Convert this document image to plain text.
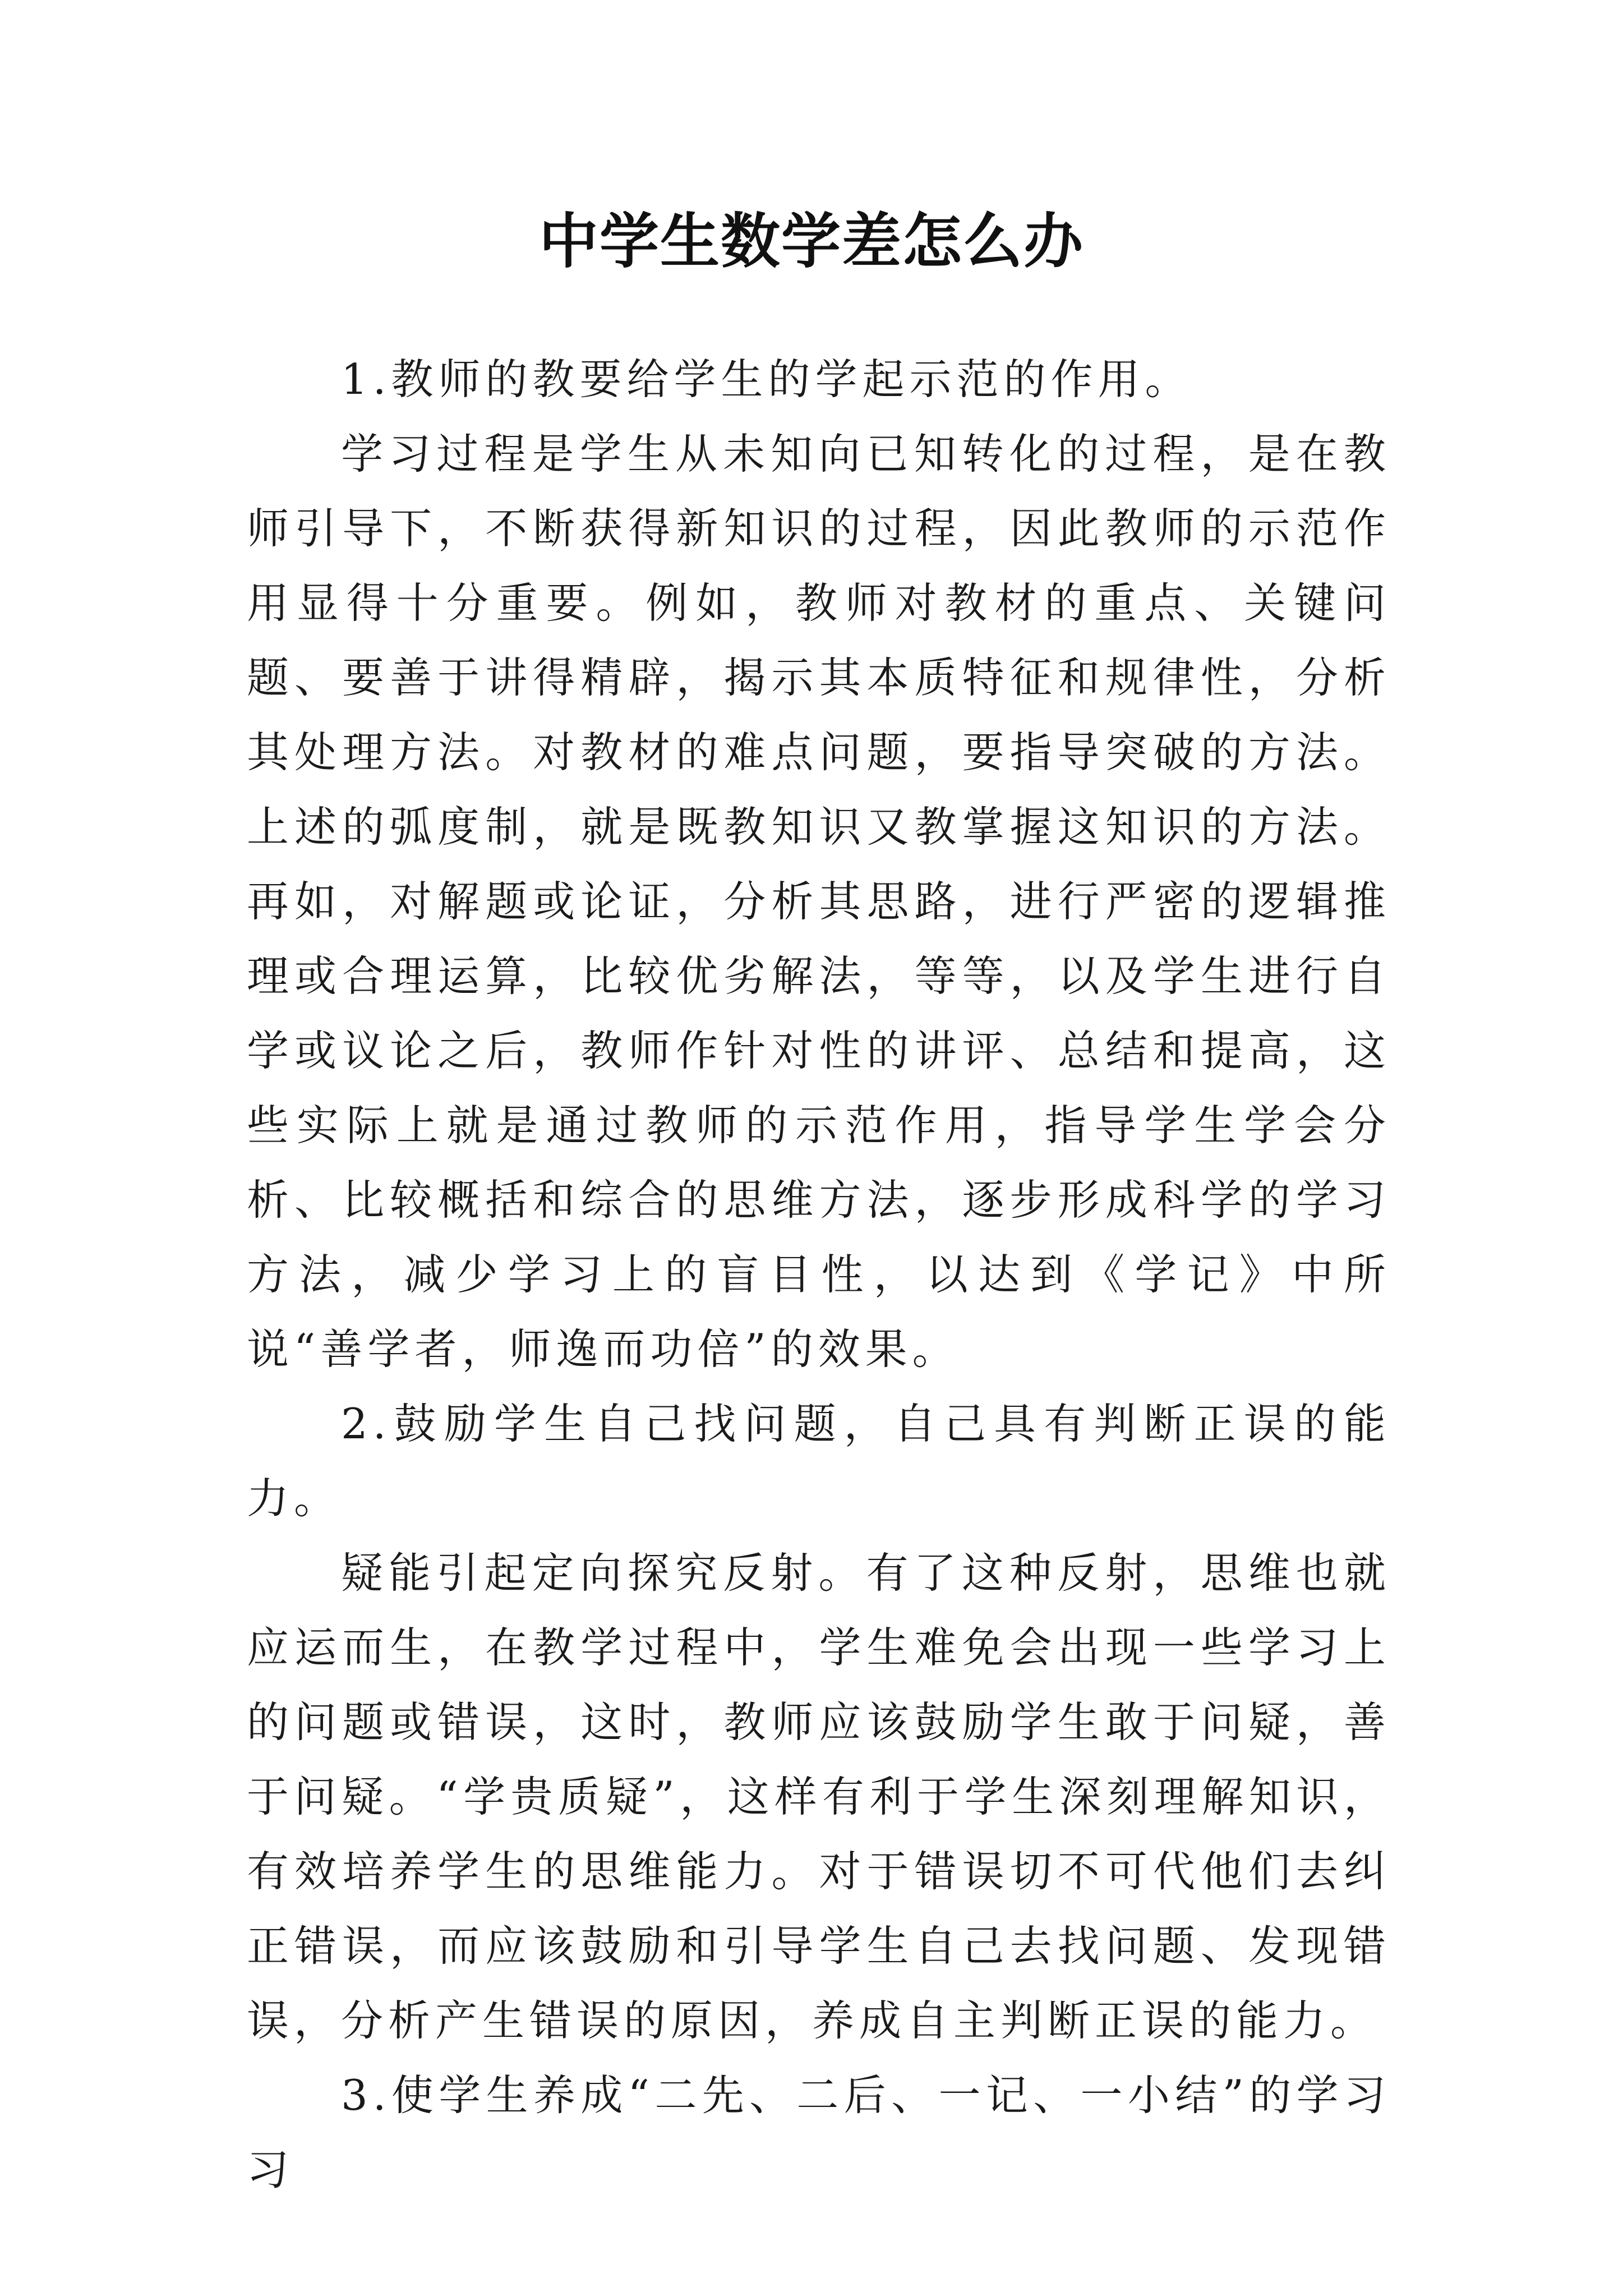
中学生数学差怎么办

1.教师的教要给学生的学起示范的作用。

学习过程是学生从未知向已知转化的过程，是在教师引导下，不断获得新知识的过程，因此教师的示范作用显得十分重要。例如，教师对教材的重点、关键问题、要善于讲得精辟，揭示其本质特征和规律性，分析其处理方法。对教材的难点问题，要指导突破的方法。上述的弧度制，就是既教知识又教掌握这知识的方法。再如，对解题或论证，分析其思路，进行严密的逻辑推理或合理运算，比较优劣解法，等等，以及学生进行自学或议论之后，教师作针对性的讲评、总结和提高，这些实际上就是通过教师的示范作用，指导学生学会分析、比较概括和综合的思维方法，逐步形成科学的学习方法，减少学习上的盲目性，以达到《学记》中所说“善学者，师逸而功倍”的效果。

2.鼓励学生自己找问题，自己具有判断正误的能力。

疑能引起定向探究反射。有了这种反射，思维也就应运而生，在教学过程中，学生难免会出现一些学习上的问题或错误，这时，教师应该鼓励学生敢于问疑，善于问疑。“学贵质疑”，这样有利于学生深刻理解知识，有效培养学生的思维能力。对于错误切不可代他们去纠正错误，而应该鼓励和引导学生自己去找问题、发现错误，分析产生错误的原因，养成自主判断正误的能力。

3.使学生养成“二先、二后、一记、一小结”的学习习
